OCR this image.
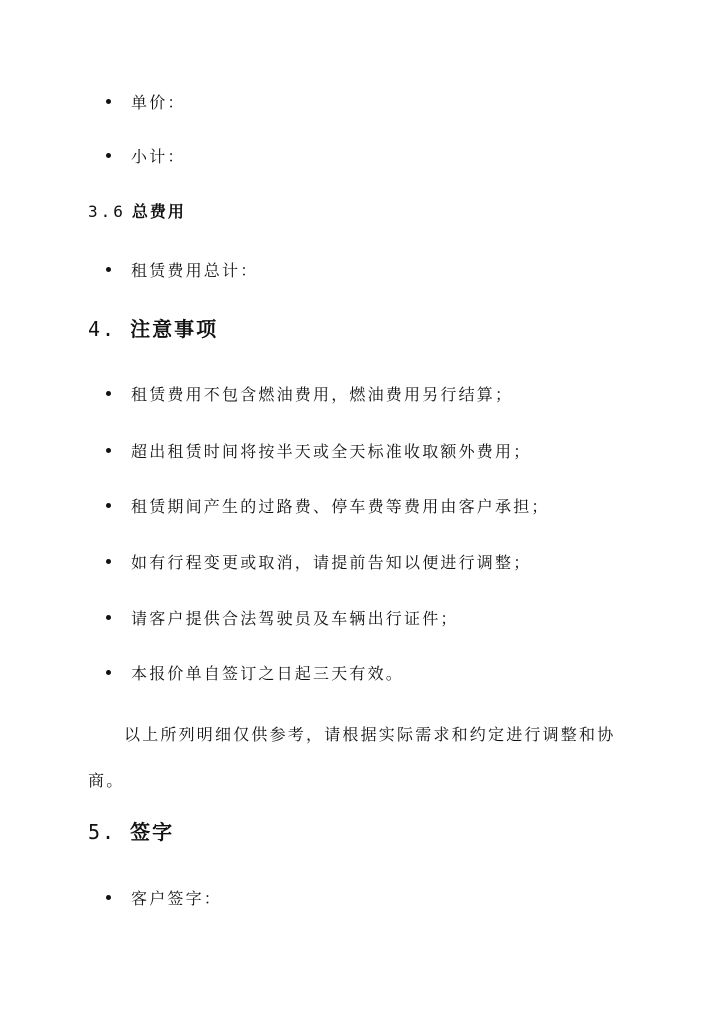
单价：
小计：
3.6 总费用
租赁费用总计：
4. 注意事项
租赁费用不包含燃油费用，燃油费用另行结算；
超出租赁时间将按半天或全天标准收取额外费用；
租赁期间产生的过路费、停车费等费用由客户承担；
如有行程变更或取消，请提前告知以便进行调整；
请客户提供合法驾驶员及车辆出行证件；
本报价单自签订之日起三天有效。
以上所列明细仅供参考，请根据实际需求和约定进行调整和协商。
5. 签字
客户签字：
